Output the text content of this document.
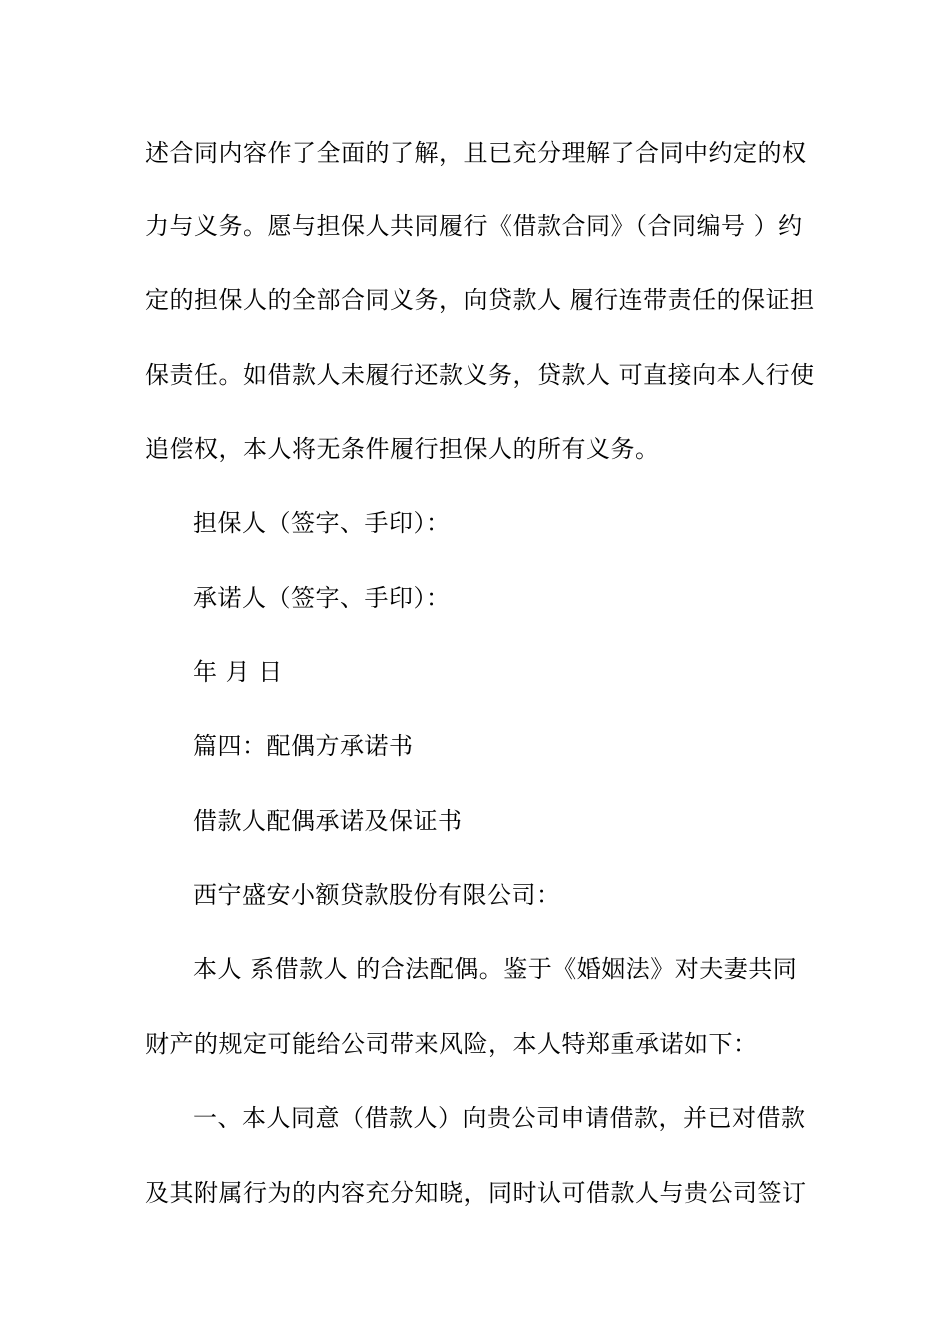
述合同内容作了全面的了解，且已充分理解了合同中约定的权
力与义务。愿与担保人共同履行《借款合同》（合同编号 ）约
定的担保人的全部合同义务，向贷款人 履行连带责任的保证担
保责任。如借款人未履行还款义务，贷款人 可直接向本人行使
追偿权，本人将无条件履行担保人的所有义务。
担保人（签字、手印）：
承诺人（签字、手印）：
年 月 日
篇四：配偶方承诺书
借款人配偶承诺及保证书
西宁盛安小额贷款股份有限公司：
本人 系借款人 的合法配偶。鉴于《婚姻法》对夫妻共同
财产的规定可能给公司带来风险，本人特郑重承诺如下：
一、本人同意（借款人）向贵公司申请借款，并已对借款
及其附属行为的内容充分知晓，同时认可借款人与贵公司签订
